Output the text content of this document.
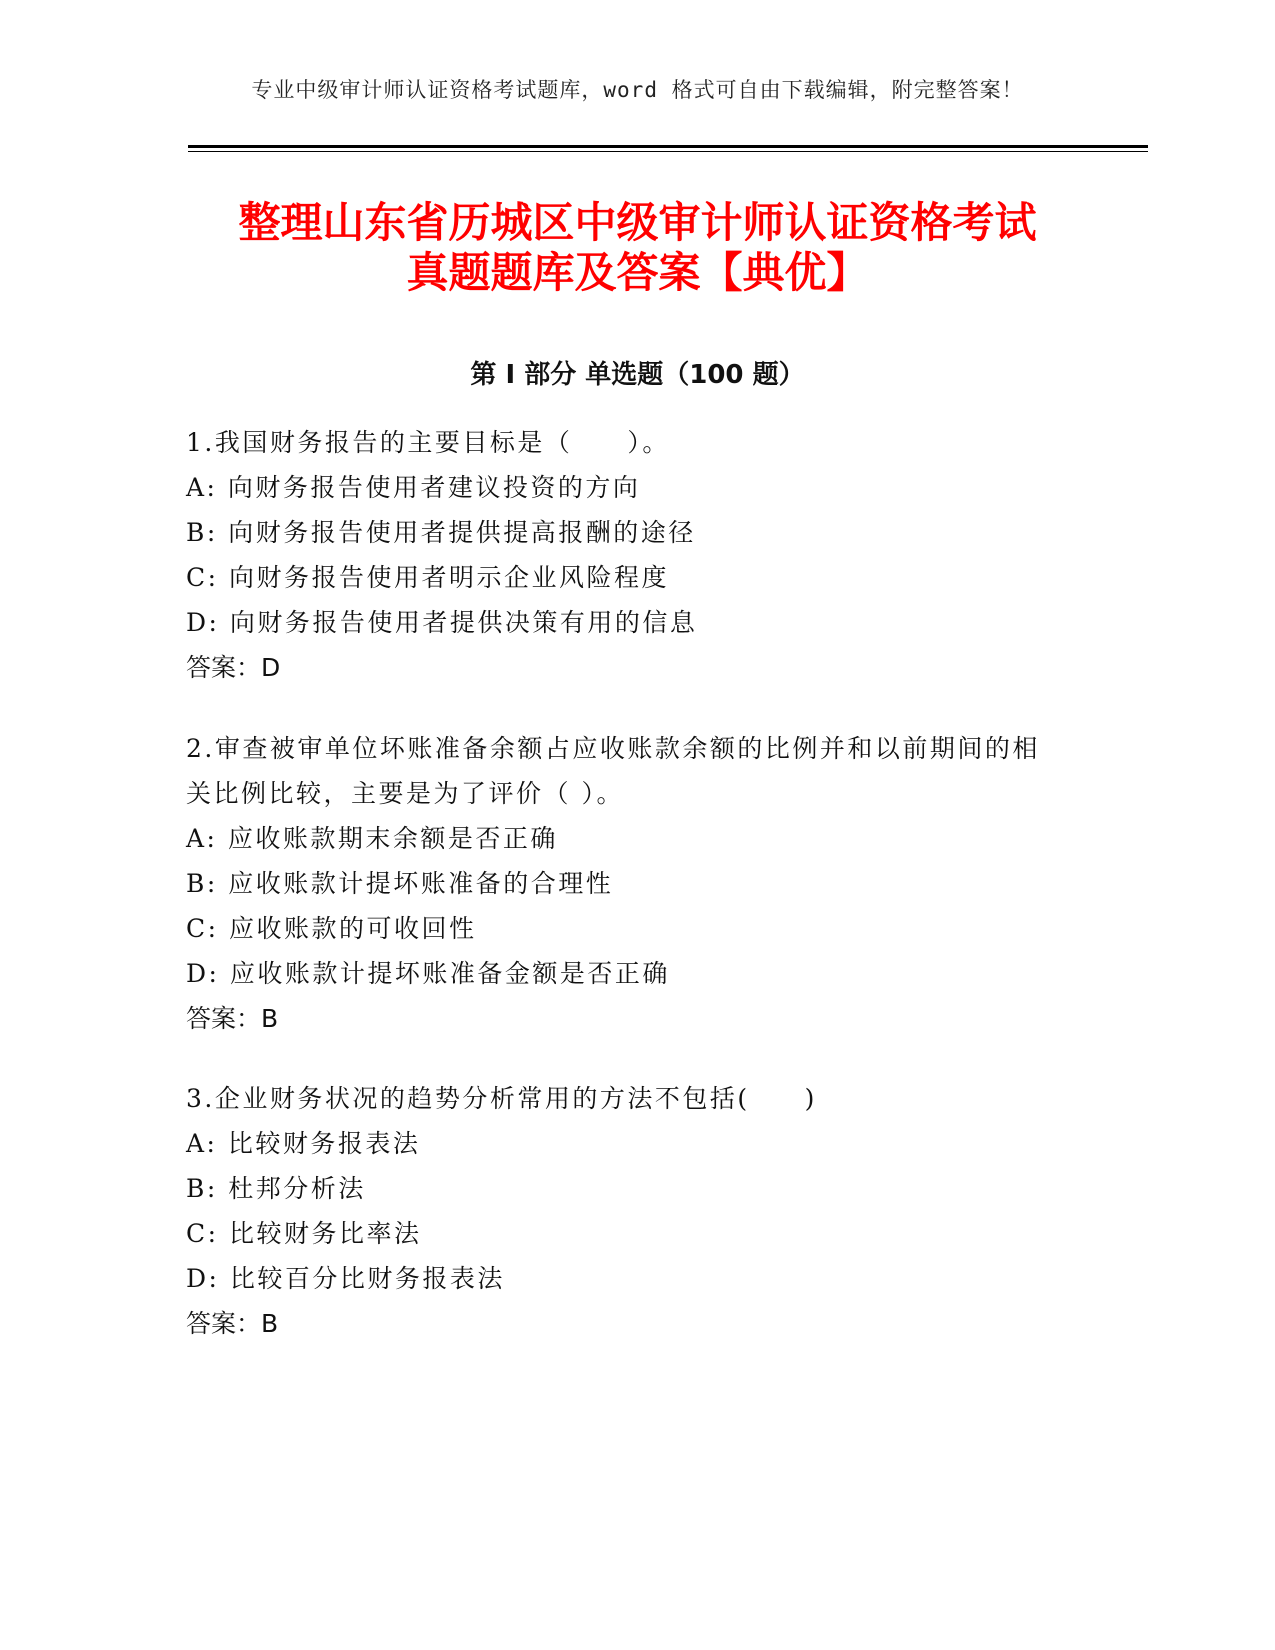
专业中级审计师认证资格考试题库，word 格式可自由下载编辑，附完整答案！
整理山东省历城区中级审计师认证资格考试
真题题库及答案【典优】
第 I 部分 单选题（100 题）
1.我国财务报告的主要目标是（　　）。
A: 向财务报告使用者建议投资的方向
B: 向财务报告使用者提供提高报酬的途径
C: 向财务报告使用者明示企业风险程度
D: 向财务报告使用者提供决策有用的信息
答案：D
2.审查被审单位坏账准备余额占应收账款余额的比例并和以前期间的相关比例比较，主要是为了评价（ ）。
A: 应收账款期末余额是否正确
B: 应收账款计提坏账准备的合理性
C: 应收账款的可收回性
D: 应收账款计提坏账准备金额是否正确
答案：B
3.企业财务状况的趋势分析常用的方法不包括(　　)
A: 比较财务报表法
B: 杜邦分析法
C: 比较财务比率法
D: 比较百分比财务报表法
答案：B
